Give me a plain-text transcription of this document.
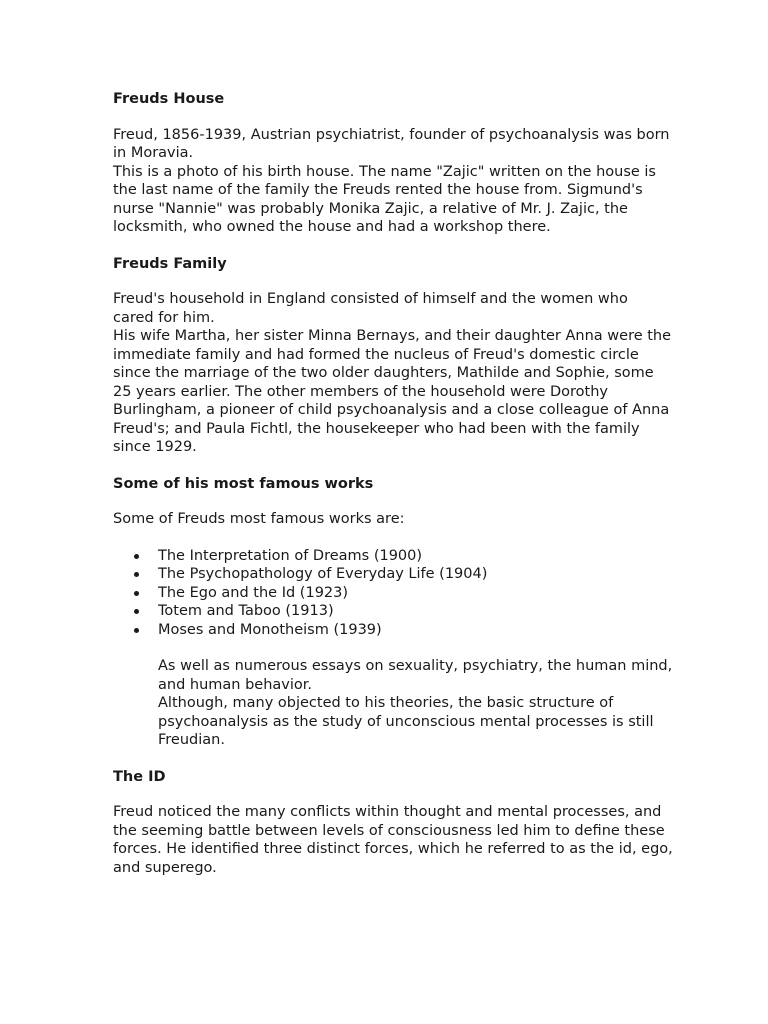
Freuds House
Freud, 1856-1939, Austrian psychiatrist, founder of psychoanalysis was born in Moravia.
This is a photo of his birth house. The name "Zajic" written on the house is the last name of the family the Freuds rented the house from. Sigmund's nurse "Nannie" was probably Monika Zajic, a relative of Mr. J. Zajic, the locksmith, who owned the house and had a workshop there.
Freuds Family
Freud's household in England consisted of himself and the women who cared for him.
His wife Martha, her sister Minna Bernays, and their daughter Anna were the immediate family and had formed the nucleus of Freud's domestic circle since the marriage of the two older daughters, Mathilde and Sophie, some 25 years earlier. The other members of the household were Dorothy Burlingham, a pioneer of child psychoanalysis and a close colleague of Anna Freud's; and Paula Fichtl, the housekeeper who had been with the family since 1929.
Some of his most famous works

Some of Freuds most famous works are:

The Interpretation of Dreams (1900)
The Psychopathology of Everyday Life (1904)
The Ego and the Id (1923)
Totem and Taboo (1913)
Moses and Monotheism (1939)
As well as numerous essays on sexuality, psychiatry, the human mind, and human behavior.
Although, many objected to his theories, the basic structure of psychoanalysis as the study of unconscious mental processes is still Freudian.
The ID
Freud noticed the many conflicts within thought and mental processes, and the seeming battle between levels of consciousness led him to define these forces. He identified three distinct forces, which he referred to as the id, ego, and superego.
